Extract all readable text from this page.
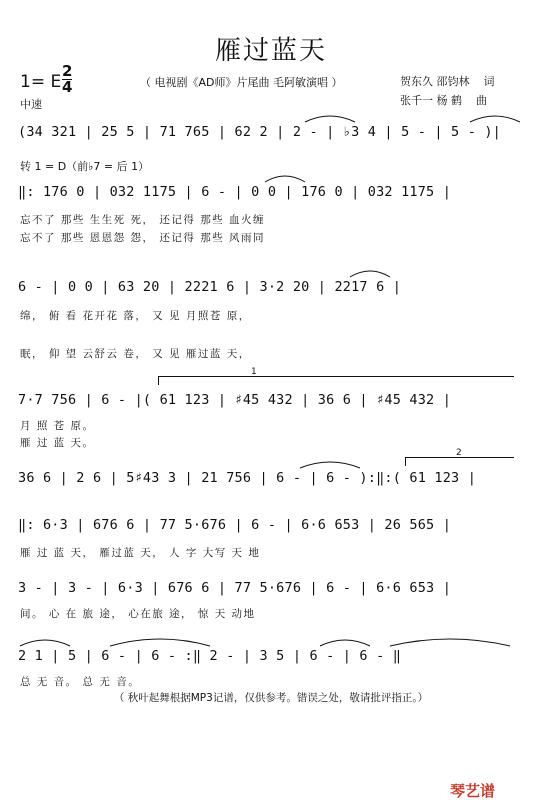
雁过蓝天
1= E
2
4
中速
（ 电视剧《AD师》片尾曲 毛阿敏演唱 ）	贺东久 邵钧林 词
张千一 杨 鹤 曲
(34 321 | 25 5 | 71 765 | 62 2 | 2 - | ♭3 4 | 5 - | 5 - )|
转 1 = D（前♭7 = 后 1）
‖: 176 0 | 032 1175 | 6 - | 0 0 | 176 0 | 032 1175 |
忘不了 那些 生生死 死， 还记得 那些 血火缠
忘不了 那些 恩恩怨 怨， 还记得 那些 风雨同
6 - | 0 0 | 63 20 | 2221 6 | 3·2 20 | 2217 6 |
绵， 俯 看 花开花 落， 又 见 月照苍 原，
眠， 仰 望 云舒云 卷， 又 见 雁过蓝 天，
1
7·7 756 | 6 - |( 61 123 | ♯45 432 | 36 6 | ♯45 432 |
月 照 苍 原。
雁 过 蓝 天。
2
36 6 | 2 6 | 5♯43 3 | 21 756 | 6 - | 6 - ):‖:( 61 123 |
‖: 6·3 | 676 6 | 77 5·676 | 6 - | 6·6 653 | 26 565 |
雁 过 蓝 天， 雁过蓝 天， 人 字 大写 天 地
3 - | 3 - | 6·3 | 676 6 | 77 5·676 | 6 - | 6·6 653 |
间。 心 在 旅 途， 心在旅 途， 惊 天 动地
2 1 | 5 | 6 - | 6 - :‖ 2 - | 3 5 | 6 - | 6 - ‖
总 无 音。 总 无 音。
（ 秋叶起舞根据MP3记谱，仅供参考。错误之处，敬请批评指正。）
琴艺谱
